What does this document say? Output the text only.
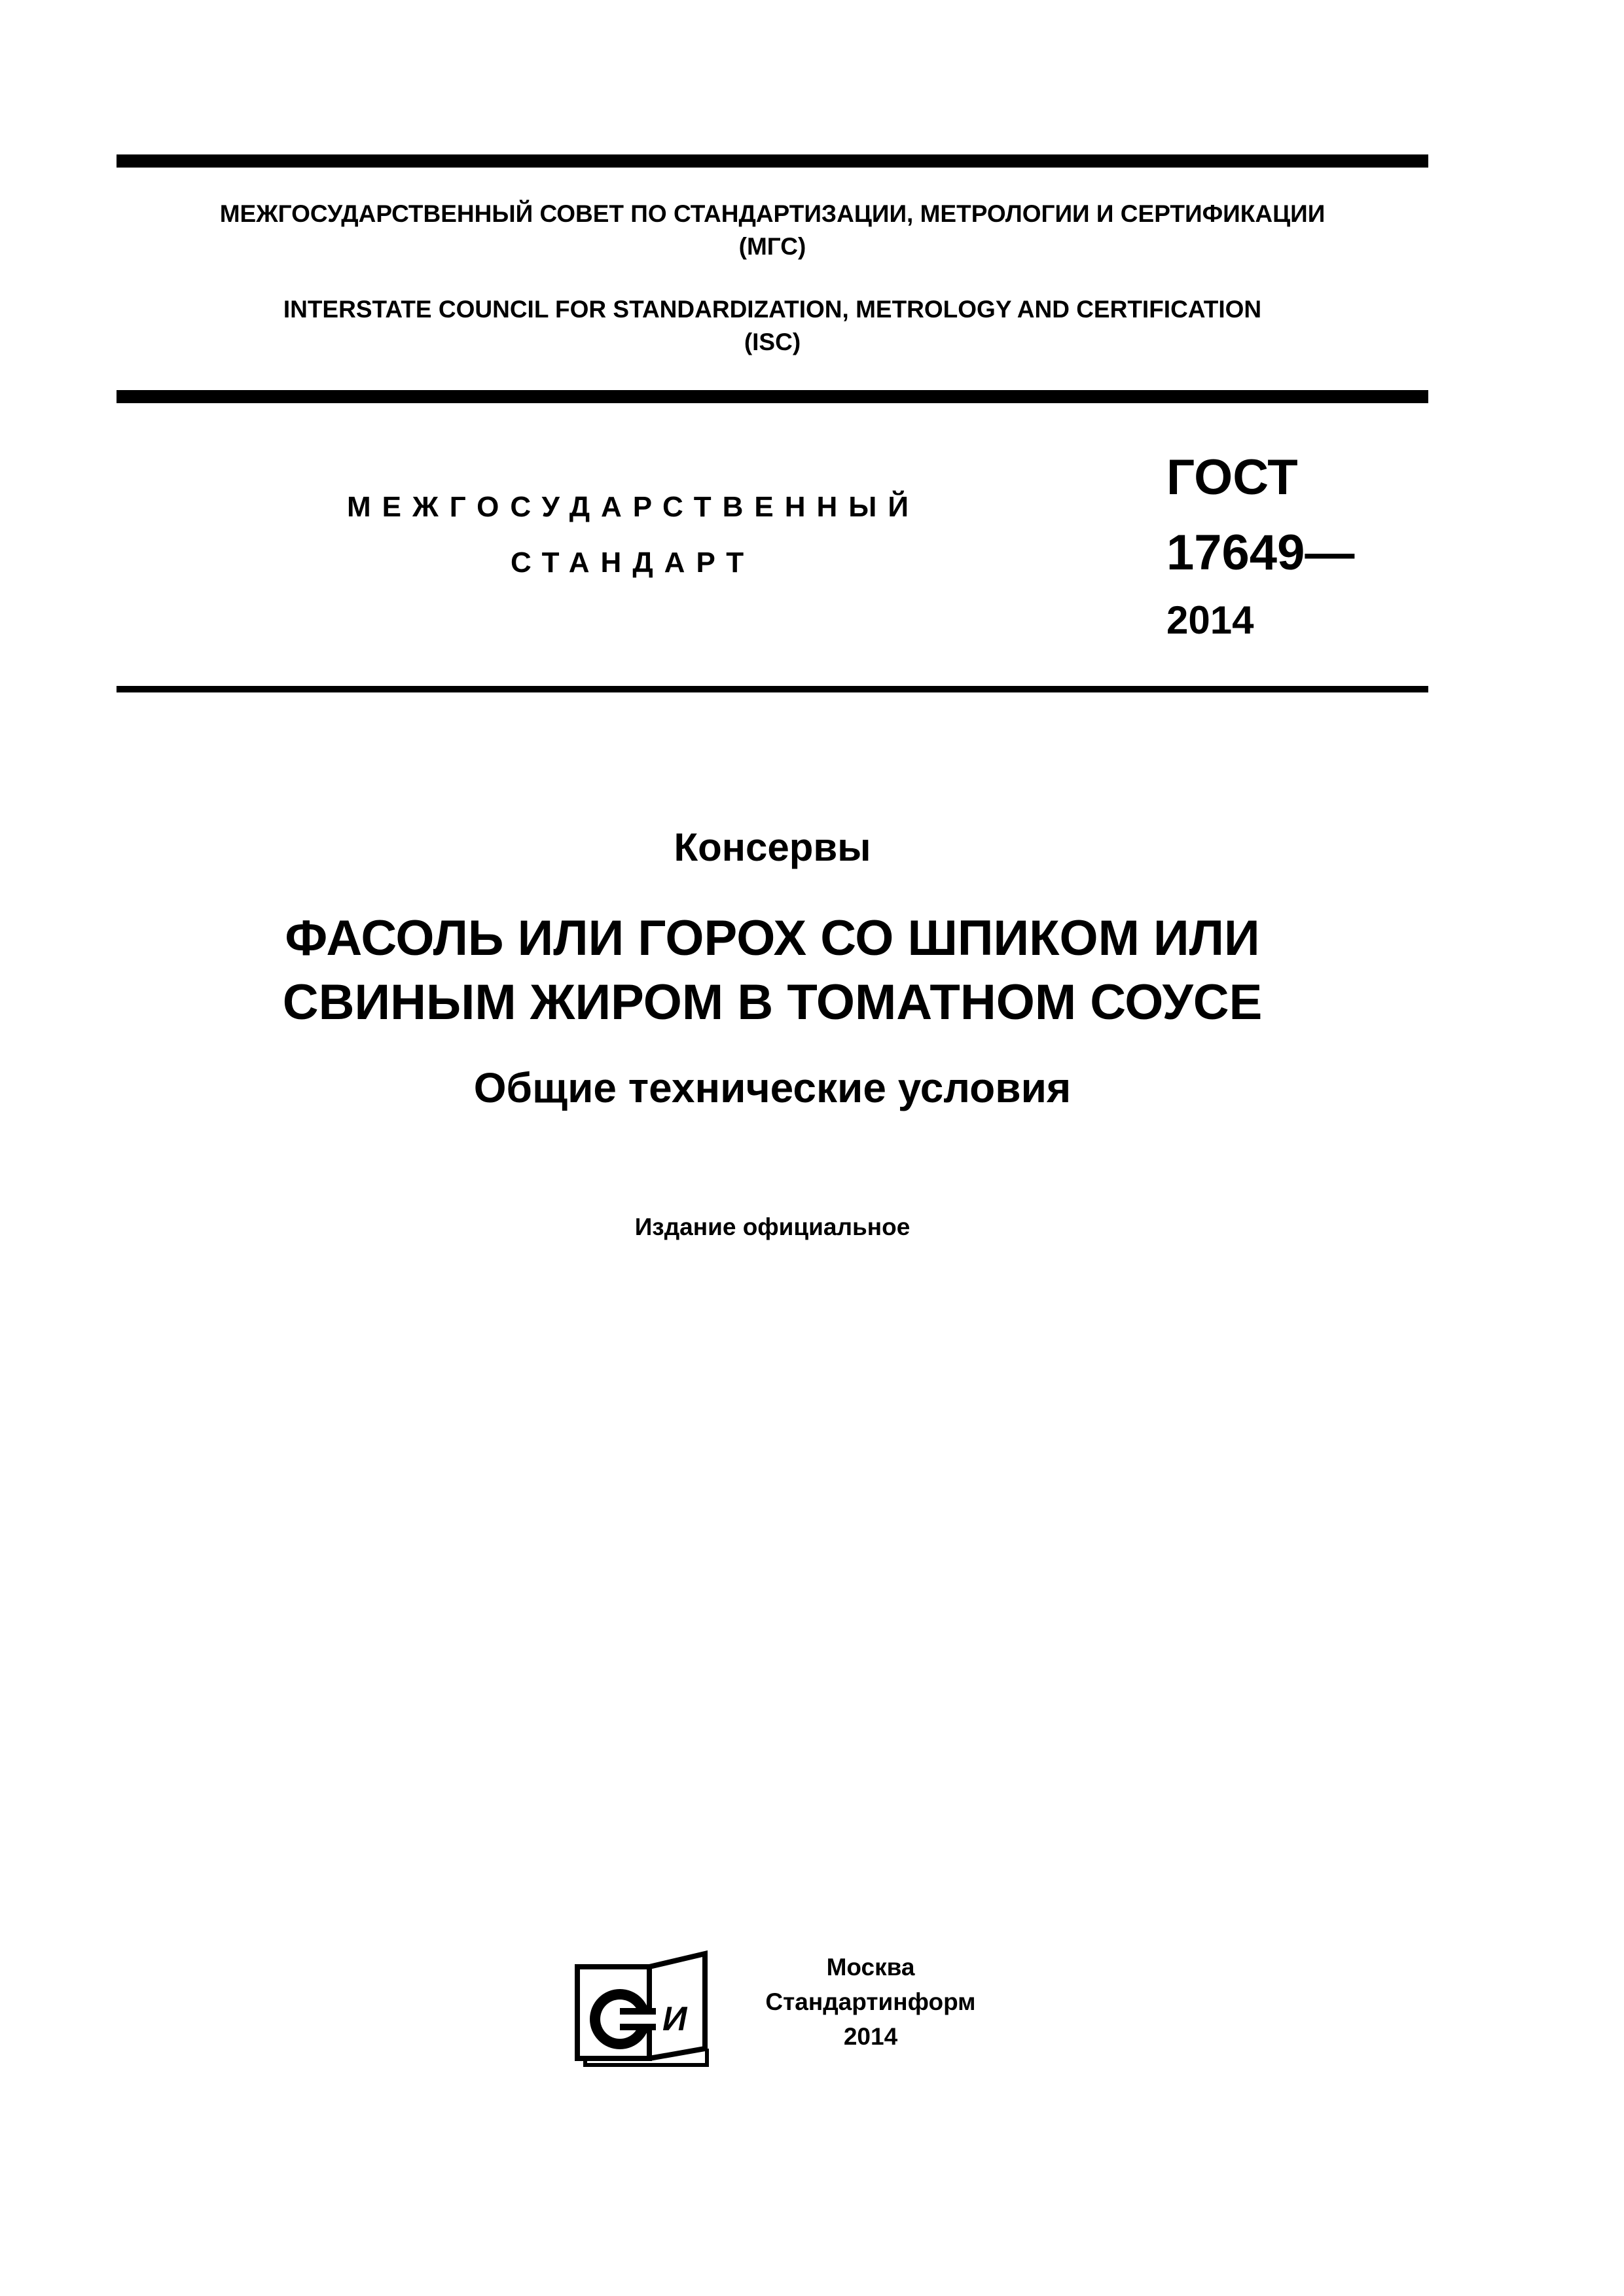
МЕЖГОСУДАРСТВЕННЫЙ СОВЕТ ПО СТАНДАРТИЗАЦИИ, МЕТРОЛОГИИ И СЕРТИФИКАЦИИ
(МГС)
INTERSTATE COUNCIL FOR STANDARDIZATION, METROLOGY AND CERTIFICATION
(ISC)
МЕЖГОСУДАРСТВЕННЫЙ
СТАНДАРТ
ГОСТ
17649—
2014
Консервы
ФАСОЛЬ ИЛИ ГОРОХ СО ШПИКОМ ИЛИ
СВИНЫМ ЖИРОМ В ТОМАТНОМ СОУСЕ
Общие технические условия
Издание официальное
И
Москва
Стандартинформ
2014
